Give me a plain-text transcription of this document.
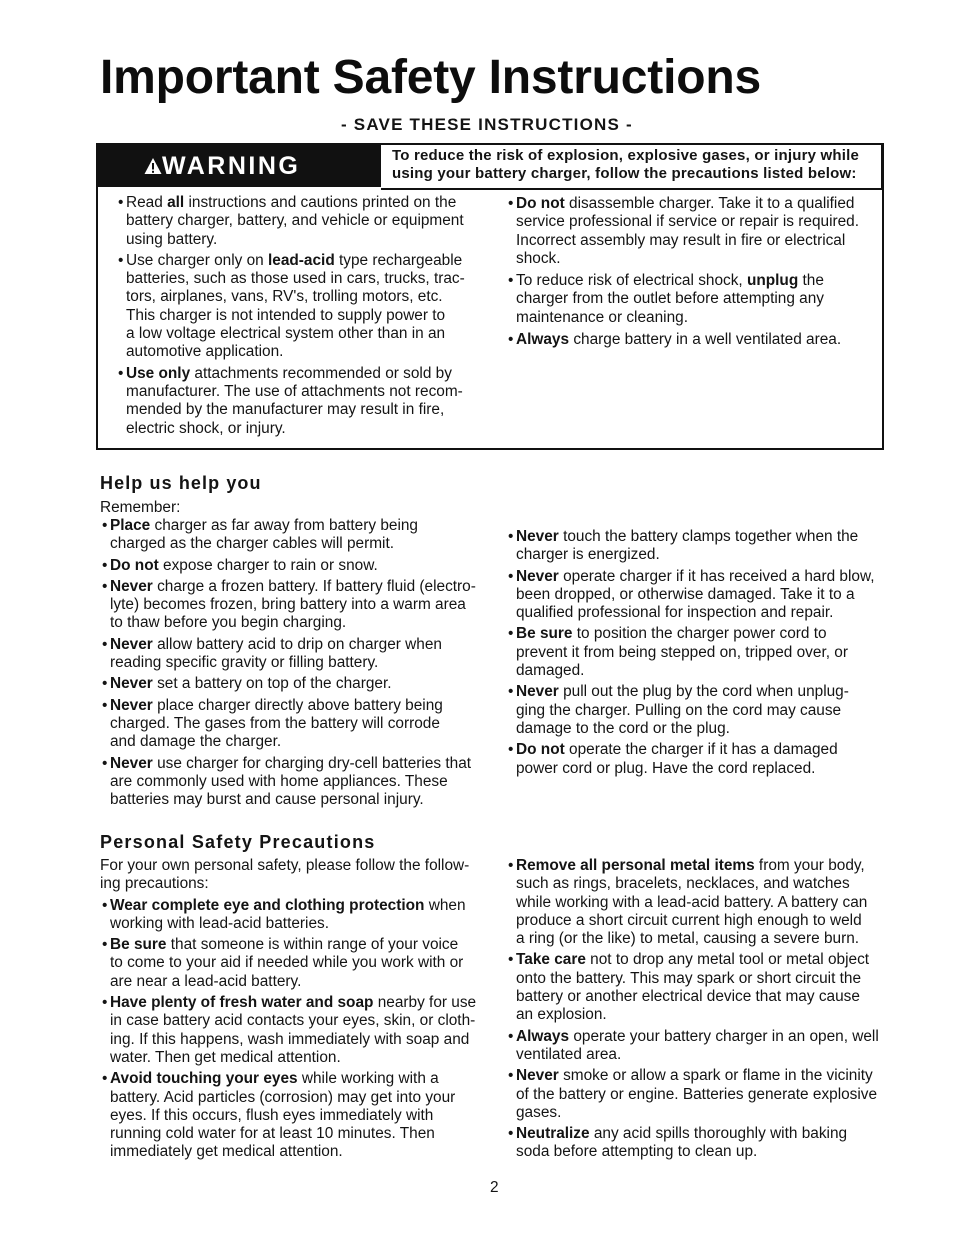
Important Safety Instructions
- SAVE THESE INSTRUCTIONS -
WARNING	To reduce the risk of explosion, explosive gases, or injury while
using your battery charger, follow the precautions listed below:
• Read all instructions and cautions printed on the
battery charger, battery, and vehicle or equipment
using battery.
• Use charger only on lead-acid type rechargeable
batteries, such as those used in cars, trucks, trac-
tors, airplanes, vans, RV's, trolling motors, etc.
This charger is not intended to supply power to
a low voltage electrical system other than in an
automotive application.
• Use only attachments recommended or sold by
manufacturer. The use of attachments not recom-
mended by the manufacturer may result in fire,
electric shock, or injury.
• Do not disassemble charger. Take it to a qualified
service professional if service or repair is required.
Incorrect assembly may result in fire or electrical
shock.
• To reduce risk of electrical shock, unplug the
charger from the outlet before attempting any
maintenance or cleaning.
• Always charge battery in a well ventilated area.
Help us help you
Remember:
• Place charger as far away from battery being
charged as the charger cables will permit.
• Do not expose charger to rain or snow.
• Never charge a frozen battery. If battery fluid (electro-
lyte) becomes frozen, bring battery into a warm area
to thaw before you begin charging.
• Never allow battery acid to drip on charger when
reading specific gravity or filling battery.
• Never set a battery on top of the charger.
• Never place charger directly above battery being
charged. The gases from the battery will corrode
and damage the charger.
• Never use charger for charging dry-cell batteries that
are commonly used with home appliances. These
batteries may burst and cause personal injury.
• Never touch the battery clamps together when the
charger is energized.
• Never operate charger if it has received a hard blow,
been dropped, or otherwise damaged. Take it to a
qualified professional for inspection and repair.
• Be sure to position the charger power cord to
prevent it from being stepped on, tripped over, or
damaged.
• Never pull out the plug by the cord when unplug-
ging the charger. Pulling on the cord may cause
damage to the cord or the plug.
• Do not operate the charger if it has a damaged
power cord or plug. Have the cord replaced.
Personal Safety Precautions
For your own personal safety, please follow the follow-
ing precautions:
• Wear complete eye and clothing protection when
working with lead-acid batteries.
• Be sure that someone is within range of your voice
to come to your aid if needed while you work with or
are near a lead-acid battery.
• Have plenty of fresh water and soap nearby for use
in case battery acid contacts your eyes, skin, or cloth-
ing. If this happens, wash immediately with soap and
water. Then get medical attention.
• Avoid touching your eyes while working with a
battery. Acid particles (corrosion) may get into your
eyes. If this occurs, flush eyes immediately with
running cold water for at least 10 minutes. Then
immediately get medical attention.
• Remove all personal metal items from your body,
such as rings, bracelets, necklaces, and watches
while working with a lead-acid battery. A battery can
produce a short circuit current high enough to weld
a ring (or the like) to metal, causing a severe burn.
• Take care not to drop any metal tool or metal object
onto the battery. This may spark or short circuit the
battery or another electrical device that may cause
an explosion.
• Always operate your battery charger in an open, well
ventilated area.
• Never smoke or allow a spark or flame in the vicinity
of the battery or engine. Batteries generate explosive
gases.
• Neutralize any acid spills thoroughly with baking
soda before attempting to clean up.
2
